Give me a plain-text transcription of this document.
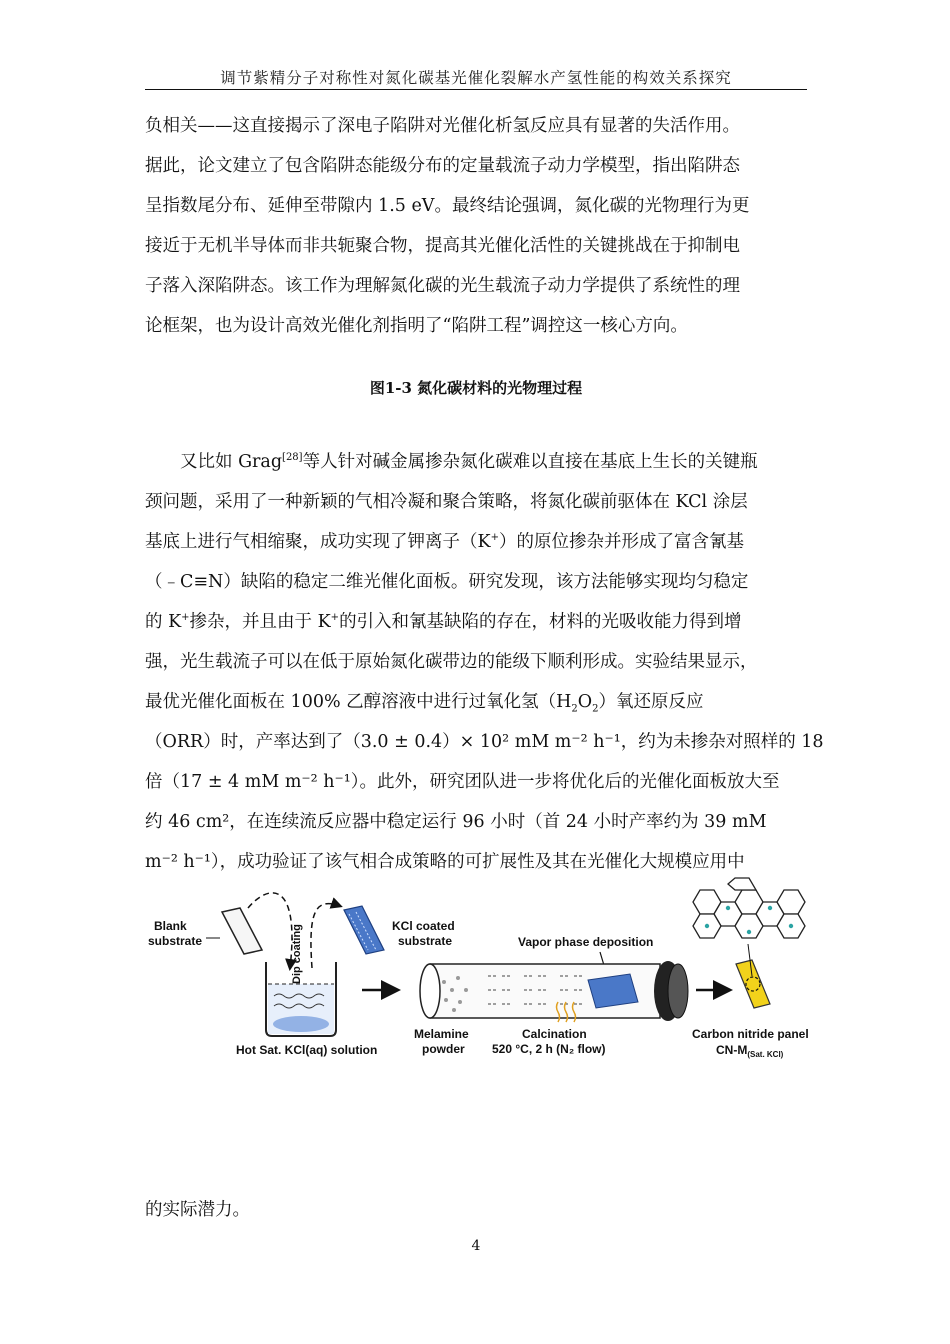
调节紫精分子对称性对氮化碳基光催化裂解水产氢性能的构效关系探究
负相关——这直接揭示了深电子陷阱对光催化析氢反应具有显著的失活作用。
据此，论文建立了包含陷阱态能级分布的定量载流子动力学模型，指出陷阱态
呈指数尾分布、延伸至带隙内 1.5 eV。最终结论强调，氮化碳的光物理行为更
接近于无机半导体而非共轭聚合物，提高其光催化活性的关键挑战在于抑制电
子落入深陷阱态。该工作为理解氮化碳的光生载流子动力学提供了系统性的理
论框架，也为设计高效光催化剂指明了“陷阱工程”调控这一核心方向。
图1-3 氮化碳材料的光物理过程
又比如 Grag[28]等人针对碱金属掺杂氮化碳难以直接在基底上生长的关键瓶
颈问题，采用了一种新颖的气相冷凝和聚合策略，将氮化碳前驱体在 KCl 涂层
基底上进行气相缩聚，成功实现了钾离子（K+）的原位掺杂并形成了富含氰基
（﹣C≡N）缺陷的稳定二维光催化面板。研究发现，该方法能够实现均匀稳定
的 K+掺杂，并且由于 K+的引入和氰基缺陷的存在，材料的光吸收能力得到增
强，光生载流子可以在低于原始氮化碳带边的能级下顺利形成。实验结果显示，
最优光催化面板在 100% 乙醇溶液中进行过氧化氢$(H_2O_2)$氧还原反应
（ORR）时，产率达到了（3.0 ± 0.4）× 10² mM m⁻² h⁻¹，约为未掺杂对照样的 18
倍（17 ± 4 mM m⁻² h⁻¹）。此外，研究团队进一步将优化后的光催化面板放大至
约 46 cm²，在连续流反应器中稳定运行 96 小时（首 24 小时产率约为 39 mM
m⁻² h⁻¹），成功验证了该气相合成策略的可扩展性及其在光催化大规模应用中
Blank
substrate	Dip coating	KCl coated
substrate
Hot Sat. KCl(aq) solution
Vapor phase deposition
Melamine
powder
Calcination
520 °C, 2 h (N₂ flow)
Carbon nitride panel
$CN-M_{(Sat. KCl)}$
的实际潜力。
4
